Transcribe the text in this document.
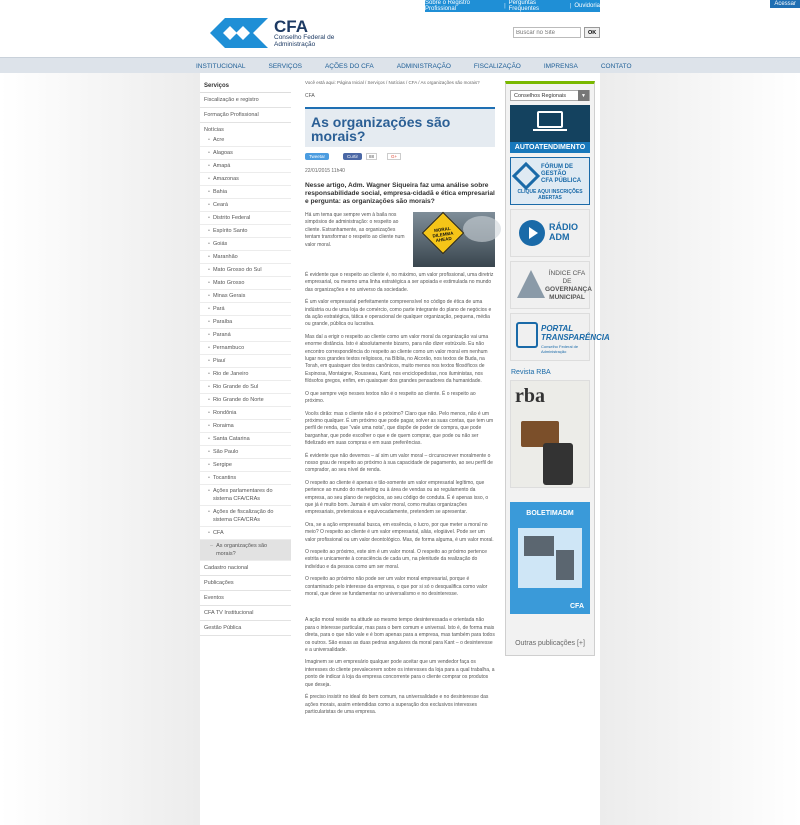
Acessar
Sobre o Registro Profissional	| Perguntas Frequentes	| Ouvidoria
CFA
Conselho Federal de
Administração
Buscar no Site
OK
INSTITUCIONAL	SERVIÇOS	AÇÕES DO CFA	ADMINISTRAÇÃO	FISCALIZAÇÃO	IMPRENSA	CONTATO
Serviços
Fiscalização e registro
Formação Profissional
Notícias
• Acre
• Alagoas
• Amapá
• Amazonas
• Bahia
• Ceará
• Distrito Federal
• Espírito Santo
• Goiás
• Maranhão
• Mato Grosso do Sul
• Mato Grosso
• Minas Gerais
• Pará
• Paraíba
• Paraná
• Pernambuco
• Piauí
• Rio de Janeiro
• Rio Grande do Sul
• Rio Grande do Norte
• Rondônia
• Roraima
• Santa Catarina
• São Paulo
• Sergipe
• Tocantins
• Ações parlamentares do sistema CFA/CRAs
• Ações de fiscalização do sistema CFA/CRAs
• CFA
– As organizações são morais?
Cadastro nacional
Publicações
Eventos
CFA TV Institucional
Gestão Pública
Você está aqui: Página Inicial / Serviços / Notícias / CFA / As organizações são morais?
CFA
As organizações são morais?
Tweetar	Curtir	88	G+
22/01/2015 11h40
Nesse artigo, Adm. Wagner Siqueira faz uma análise sobre responsabilidade social, empresa-cidadã e ética empresarial e pergunta: as organizações são morais?
Há um tema que sempre vem à baila nos simpósios de administração: o respeito ao cliente. Estranhamente, as organizações tentam transformar o respeito ao cliente num valor moral.
MORAL DILEMMA AHEAD
É evidente que o respeito ao cliente é, no máximo, um valor profissional, uma diretriz empresarial, ou mesmo uma linha estratégica a ser apoiada e estimulada no mundo das organizações e no universo da sociedade.
É um valor empresarial perfeitamente compreensível no código de ética de uma indústria ou de uma loja de comércio, como parte integrante do plano de negócios e da ação estratégica, tática e operacional de qualquer organização, pequena, média ou grande, pública ou lucrativa.
Mas daí a erigir o respeito ao cliente como um valor moral da organização vai uma enorme distância. Isto é absolutamente bizarro, para não dizer estrúxulo. Eu não encontro correspondência do respeito ao cliente como um valor moral em nenhum lugar nos grandes textos religiosos, na Bíblia, no Alcorão, nos textos de Buda, na Torah, em quaisquer dos textos canônicos, muito menos nos textos filosóficos de Espinosa, Montaigne, Rousseau, Kant, nos enciclopedistas, nos iluministas, nos filósofos gregos, enfim, em quaisquer dos grandes pensadores da humanidade.
O que sempre vejo nesses textos não é o respeito ao cliente. É o respeito ao próximo.
Vocês dirão: mas o cliente não é o próximo? Claro que não. Pelo menos, não é um próximo qualquer. É um próximo que pode pagar, solver as suas contas, que tem um perfil de renda, que “vale uma nota”, que dispõe de poder de compra, que pode barganhar, que pode escolher o que e de quem comprar, que pode ou não ser fidelizado em suas compras e em suas preferências.
É evidente que não devemos – aí sim um valor moral – circunscrever moralmente o nosso grau de respeito ao próximo à sua capacidade de pagamento, ao seu perfil de comprador, ao seu nível de renda.
O respeito ao cliente é apenas e tão-somente um valor empresarial legítimo, que pertence ao mundo do marketing ou à área de vendas ou ao regulamento da empresa, ao seu plano de negócios, ao seu código de conduta. É é apenas isso, o que já é muito bom. Jamais é um valor moral, como muitas organizações empresariais, pretensiosa e equivocadamente, pretendem se apresentar.
Ora, se a ação empresarial busca, em essência, o lucro, por que meter a moral no meio? O respeito ao cliente é um valor empresarial, aliás, elogiável. Pode ser um valor profissional ou um valor deontológico. Mas, de forma alguma, é um valor moral.
O respeito ao próximo, este sim é um valor moral. O respeito ao próximo pertence estrita e unicamente à consciência de cada um, na plenitude da realização do indivíduo e da pessoa como um ser moral.
O respeito ao próximo não pode ser um valor moral empresarial, porque é contaminado pelo interesse da empresa, o que por si só o desqualifica como valor moral, que deve se fundamentar no universalismo e no desinteresse.
A ação moral reside na atitude ao mesmo tempo desinteressada e orientada não para o interesse particular, mas para o bem comum e universal. Isto é, de forma mais direta, para o que não vale e é bom apenas para a empresa, mas também para todos os outros. São essas as duas pedras angulares da moral para Kant – o desinteresse e a universalidade.
Imaginem se um empresário qualquer pode aceitar que um vendedor faça os interesses do cliente prevalecerem sobre os interesses da loja para a qual trabalha, a ponto de indicar à loja da empresa concorrente para o cliente comprar os produtos que deseja.
É preciso insistir no ideal do bem comum, na universalidade e no desinteresse das ações morais, assim entendidas como a superação dos exclusivos interesses particularistas de uma empresa.
Conselhos Regionais	▼
AUTOATENDIMENTO
FÓRUM DE GESTÃO
CFA PÚBLICA
CLIQUE AQUI INSCRIÇÕES ABERTAS
RÁDIO
ADM
ÍNDICE CFA DE
GOVERNANÇA
MUNICIPAL
PORTAL
TRANSPARÊNCIA
Conselho Federal de Administração
Revista RBA
rba
BOLETIMADM
CFA
Outras publicações [+]
